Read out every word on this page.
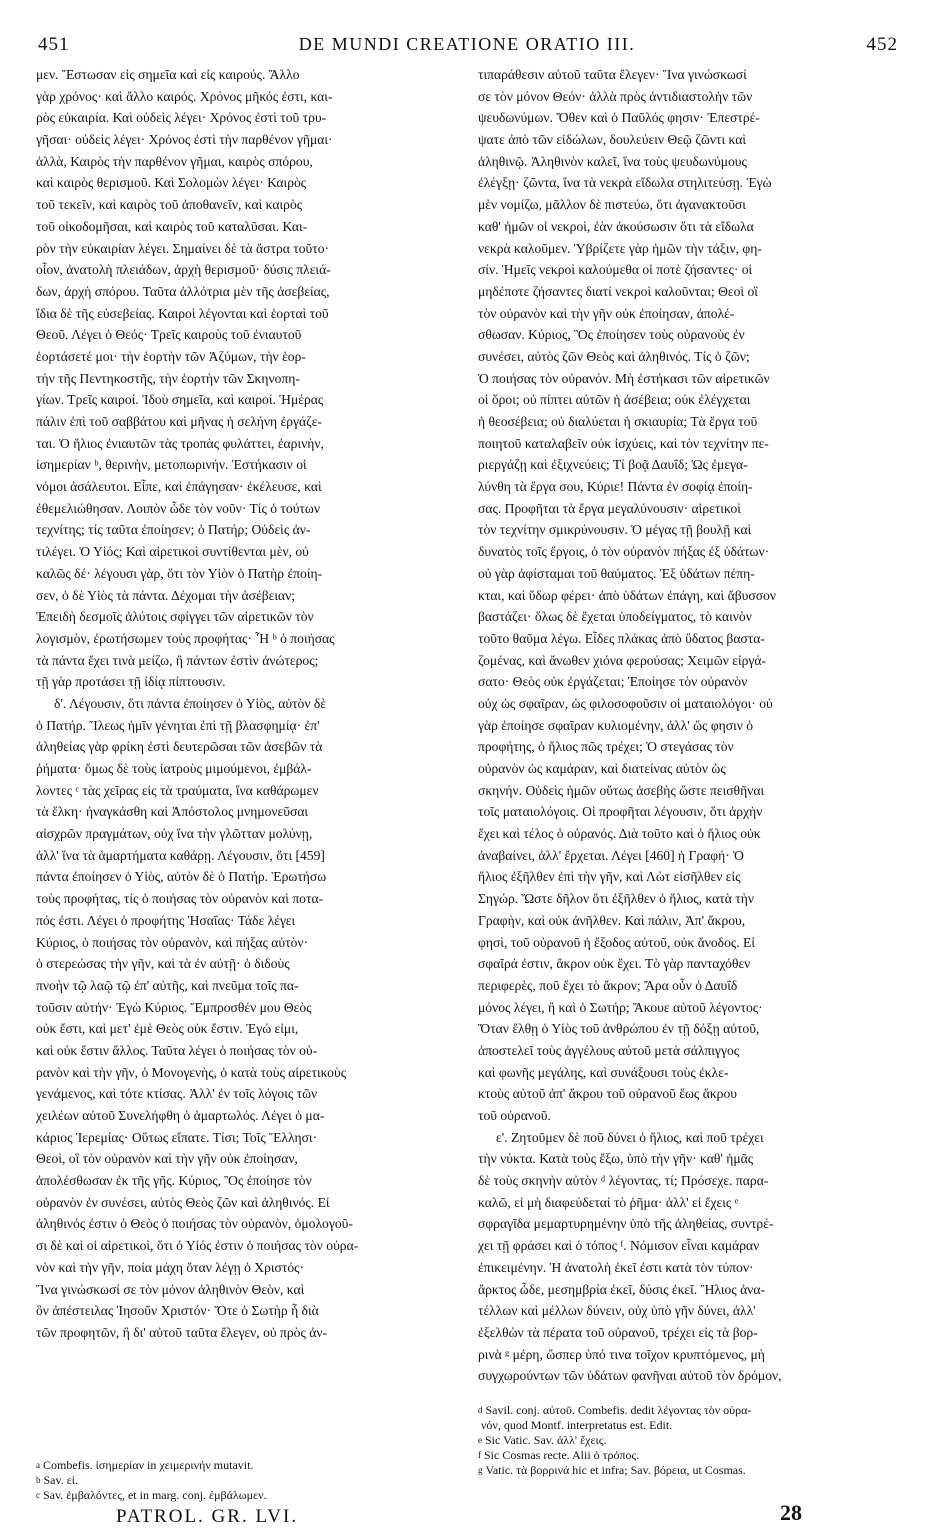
451	DE MUNDI CREATIONE ORATIO III.	452
μεν. Ἔστωσαν εἰς σημεῖα καὶ εἰς καιρούς. Ἄλλο
γὰρ χρόνος· καὶ ἄλλο καιρός. Χρόνος μῆκός ἐστι, και-
ρὸς εὐκαιρία. Καὶ οὐδεὶς λέγει· Χρόνος ἐστὶ τοῦ τρυ-
γῆσαι· οὐδεὶς λέγει· Χρόνος ἐστὶ τὴν παρθένον γῆμαι·
ἀλλὰ, Καιρὸς τὴν παρθένον γῆμαι, καιρὸς σπόρου,
καὶ καιρὸς θερισμοῦ. Καὶ Σολομὼν λέγει· Καιρὸς
τοῦ τεκεῖν, καὶ καιρὸς τοῦ ἀποθανεῖν, καὶ καιρὸς
τοῦ οἰκοδομῆσαι, καὶ καιρὸς τοῦ καταλῦσαι. Και-
ρὸν τὴν εὐκαιρίαν λέγει. Σημαίνει δὲ τὰ ἄστρα τοῦτο·
οἷον, ἀνατολὴ πλειάδων, ἀρχὴ θερισμοῦ· δύσις πλειά-
δων, ἀρχὴ σπόρου. Ταῦτα ἀλλότρια μὲν τῆς ἀσεβείας,
ἴδια δὲ τῆς εὐσεβείας. Καιροὶ λέγονται καὶ ἑορταὶ τοῦ
Θεοῦ. Λέγει ὁ Θεός· Τρεῖς καιροὺς τοῦ ἐνιαυτοῦ
ἑορτάσετέ μοι· τὴν ἑορτὴν τῶν Ἀζύμων, τὴν ἑορ-
τὴν τῆς Πεντηκοστῆς, τὴν ἑορτὴν τῶν Σκηνοπη-
γίων. Τρεῖς καιροί. Ἰδοὺ σημεῖα, καὶ καιροί. Ἡμέρας
πάλιν ἐπὶ τοῦ σαββάτου καὶ μῆνας ἡ σελήνη ἐργάζε-
ται. Ὁ ἥλιος ἐνιαυτῶν τὰς τροπὰς φυλάττει, ἐαρινὴν,
ἰσημερίαν ᵇ, θερινὴν, μετοπωρινήν. Ἑστήκασιν οἱ
νόμοι ἀσάλευτοι. Εἶπε, καὶ ἐπάγησαν· ἐκέλευσε, καὶ
ἐθεμελιώθησαν. Λοιπὸν ὧδε τὸν νοῦν· Τίς ὁ τούτων
τεχνίτης; τίς ταῦτα ἐποίησεν; ὁ Πατήρ; Οὐδεὶς ἀν-
τιλέγει. Ὁ Υἱός; Καὶ αἱρετικοὶ συντίθενται μὲν, οὐ
καλῶς δέ· λέγουσι γὰρ, ὅτι τὸν Υἱὸν ὁ Πατὴρ ἐποίη-
σεν, ὁ δὲ Υἱὸς τὰ πάντα. Δέχομαι τὴν ἀσέβειαν;
Ἐπειδὴ δεσμοῖς ἀλύτοις σφίγγει τῶν αἱρετικῶν τὸν
λογισμὸν, ἐρωτήσωμεν τοὺς προφήτας· Ἦ ᵇ ὁ ποιήσας
τὰ πάντα ἔχει τινὰ μείζω, ἢ πάντων ἐστὶν ἀνώτερος;
τῇ γὰρ προτάσει τῇ ἰδίᾳ πίπτουσιν.
δ'. Λέγουσιν, ὅτι πάντα ἐποίησεν ὁ Υἱὸς, αὐτὸν δὲ
ὁ Πατήρ. Ἵλεως ἡμῖν γένηται ἐπὶ τῇ βλασφημίᾳ· ἐπ'
ἀληθείας γὰρ φρίκη ἐστὶ δευτερῶσαι τῶν ἀσεβῶν τὰ
ῥήματα· ὅμως δὲ τοὺς ἰατροὺς μιμούμενοι, ἐμβάλ-
λοντες ᶜ τὰς χεῖρας εἰς τὰ τραύματα, ἵνα καθάρωμεν
τὰ ἕλκη· ἠναγκάσθη καὶ Ἀπόστολος μνημονεῦσαι
αἰσχρῶν πραγμάτων, οὐχ ἵνα τὴν γλῶτταν μολύνῃ,
ἀλλ' ἵνα τὰ ἁμαρτήματα καθάρῃ. Λέγουσιν, ὅτι [459]
πάντα ἐποίησεν ὁ Υἱὸς, αὐτὸν δὲ ὁ Πατήρ. Ἐρωτήσω
τοὺς προφήτας, τίς ὁ ποιήσας τὸν οὐρανὸν καὶ ποτα-
πός ἐστι. Λέγει ὁ προφήτης Ἡσαΐας· Τάδε λέγει
Κύριος, ὁ ποιήσας τὸν οὐρανὸν, καὶ πήξας αὐτὸν·
ὁ στερεώσας τὴν γῆν, καὶ τὰ ἐν αὐτῇ· ὁ διδοὺς
πνοὴν τῷ λαῷ τῷ ἐπ' αὐτῆς, καὶ πνεῦμα τοῖς πα-
τοῦσιν αὐτήν· Ἐγὼ Κύριος. Ἔμπροσθέν μου Θεὸς
οὐκ ἔστι, καὶ μετ' ἐμὲ Θεὸς οὐκ ἔστιν. Ἐγώ εἰμι,
καὶ οὐκ ἔστιν ἄλλος. Ταῦτα λέγει ὁ ποιήσας τὸν οὐ-
ρανὸν καὶ τὴν γῆν, ὁ Μονογενὴς, ὁ κατὰ τοὺς αἱρετικοὺς
γενάμενος, καὶ τότε κτίσας. Ἀλλ' ἐν τοῖς λόγοις τῶν
χειλέων αὐτοῦ Συνελήφθη ὁ ἁμαρτωλός. Λέγει ὁ μα-
κάριος Ἱερεμίας· Οὕτως εἴπατε. Τίσι; Τοῖς Ἕλλησι·
Θεοὶ, οἳ τὸν οὐρανὸν καὶ τὴν γῆν οὐκ ἐποίησαν,
ἀπολέσθωσαν ἐκ τῆς γῆς. Κύριος, Ὃς ἐποίησε τὸν
οὐρανὸν ἐν συνέσει, αὐτὸς Θεὸς ζῶν καὶ ἀληθινός. Εἰ
ἀληθινός ἐστιν ὁ Θεὸς ὁ ποιήσας τὸν οὐρανὸν, ὁμολογοῦ-
σι δὲ καὶ οἱ αἱρετικοὶ, ὅτι ὁ Υἱός ἐστιν ὁ ποιήσας τὸν οὐρα-
νὸν καὶ τὴν γῆν, ποία μάχη ὅταν λέγῃ ὁ Χριστός·
Ἵνα γινώσκωσί σε τὸν μόνον ἀληθινὸν Θεὸν, καὶ
ὃν ἀπέστειλας Ἰησοῦν Χριστόν· Ὅτε ὁ Σωτὴρ ἦ διὰ
τῶν προφητῶν, ἢ δι' αὐτοῦ ταῦτα ἔλεγεν, οὐ πρὸς ἀν-
τιπαράθεσιν αὐτοῦ ταῦτα ἔλεγεν· Ἵνα γινώσκωσί
σε τὸν μόνον Θεόν· ἀλλὰ πρὸς ἀντιδιαστολὴν τῶν
ψευδωνύμων. Ὅθεν καὶ ὁ Παῦλός φησιν· Ἐπεστρέ-
ψατε ἀπὸ τῶν εἰδώλων, δουλεύειν Θεῷ ζῶντι καὶ
ἀληθινῷ. Ἀληθινὸν καλεῖ, ἵνα τοὺς ψευδωνύμους
ἐλέγξῃ· ζῶντα, ἵνα τὰ νεκρὰ εἴδωλα στηλιτεύσῃ. Ἐγὼ
μὲν νομίζω, μᾶλλον δὲ πιστεύω, ὅτι ἀγανακτοῦσι
καθ' ἡμῶν οἱ νεκροὶ, ἐὰν ἀκούσωσιν ὅτι τὰ εἴδωλα
νεκρὰ καλοῦμεν. Ὑβρίζετε γὰρ ἡμῶν τὴν τάξιν, φη-
σίν. Ἡμεῖς νεκροὶ καλούμεθα οἱ ποτὲ ζήσαντες· οἱ
μηδέποτε ζήσαντες διατί νεκροὶ καλοῦνται; Θεοὶ οἳ
τὸν οὐρανὸν καὶ τὴν γῆν οὐκ ἐποίησαν, ἀπολέ-
σθωσαν. Κύριος, Ὃς ἐποίησεν τοὺς οὐρανοὺς ἐν
συνέσει, αὐτὸς ζῶν Θεὸς καὶ ἀληθινός. Τίς ὁ ζῶν;
Ὁ ποιήσας τὸν οὐρανόν. Μὴ ἐστήκασι τῶν αἱρετικῶν
οἱ ὅροι; οὐ πίπτει αὐτῶν ἡ ἀσέβεια; οὐκ ἐλέγχεται
ἡ θεοσέβεια; οὐ διαλύεται ἡ σκιαυρία; Τὰ ἔργα τοῦ
ποιητοῦ καταλαβεῖν οὐκ ἰσχύεις, καὶ τὸν τεχνίτην πε-
ριεργάζῃ καὶ ἐξιχνεύεις; Τί βοᾷ Δαυΐδ; Ὡς ἐμεγα-
λύνθη τὰ ἔργα σου, Κύριε! Πάντα ἐν σοφίᾳ ἐποίη-
σας. Προφῆται τὰ ἔργα μεγαλύνουσιν· αἱρετικοὶ
τὸν τεχνίτην σμικρύνουσιν. Ὁ μέγας τῇ βουλῇ καὶ
δυνατὸς τοῖς ἔργοις, ὁ τὸν οὐρανὸν πήξας ἐξ ὑδάτων·
οὐ γὰρ ἀφίσταμαι τοῦ θαύματος. Ἐξ ὑδάτων πέπη-
κται, καὶ ὕδωρ φέρει· ἀπὸ ὑδάτων ἐπάγη, καὶ ἄβυσσον
βαστάζει· ὅλως δὲ ἔχεται ὑποδείγματος, τὸ καινὸν
τοῦτο θαῦμα λέγω. Εἶδες πλάκας ἀπὸ ὕδατος βαστα-
ζομένας, καὶ ἄνωθεν χιόνα φερούσας; Χειμῶν εἰργά-
σατο· Θεὸς οὐκ ἐργάζεται; Ἐποίησε τὸν οὐρανὸν
οὐχ ὡς σφαῖραν, ὡς φιλοσοφοῦσιν οἱ ματαιολόγοι· οὐ
γὰρ ἐποίησε σφαῖραν κυλιομένην, ἀλλ' ὥς φησιν ὁ
προφήτης, ὁ ἥλιος πῶς τρέχει; Ὁ στεγάσας τὸν
οὐρανὸν ὡς καμάραν, καὶ διατείνας αὐτὸν ὡς
σκηνήν. Οὐδεὶς ἡμῶν οὕτως ἀσεβὴς ὥστε πεισθῆναι
τοῖς ματαιολόγοις. Οἱ προφῆται λέγουσιν, ὅτι ἀρχὴν
ἔχει καὶ τέλος ὁ οὐρανός. Διὰ τοῦτο καὶ ὁ ἥλιος οὐκ
ἀναβαίνει, ἀλλ' ἔρχεται. Λέγει [460] ἡ Γραφή· Ὁ
ἥλιος ἐξῆλθεν ἐπὶ τὴν γῆν, καὶ Λὼτ εἰσῆλθεν εἰς
Σηγώρ. Ὥστε δῆλον ὅτι ἐξῆλθεν ὁ ἥλιος, κατὰ τὴν
Γραφὴν, καὶ οὐκ ἀνῆλθεν. Καὶ πάλιν, Ἀπ' ἄκρου,
φησὶ, τοῦ οὐρανοῦ ἡ ἔξοδος αὐτοῦ, οὐκ ἄνοδος. Εἰ
σφαῖρά ἐστιν, ἄκρον οὐκ ἔχει. Τὸ γὰρ πανταχόθεν
περιφερὲς, ποῦ ἔχει τὸ ἄκρον; Ἄρα οὖν ὁ Δαυΐδ
μόνος λέγει, ἢ καὶ ὁ Σωτήρ; Ἄκουε αὐτοῦ λέγοντος·
Ὅταν ἔλθῃ ὁ Υἱὸς τοῦ ἀνθρώπου ἐν τῇ δόξῃ αὐτοῦ,
ἀποστελεῖ τοὺς ἀγγέλους αὐτοῦ μετὰ σάλπιγγος
καὶ φωνῆς μεγάλης, καὶ συνάξουσι τοὺς ἐκλε-
κτοὺς αὐτοῦ ἀπ' ἄκρου τοῦ οὐρανοῦ ἕως ἄκρου
τοῦ οὐρανοῦ.
ε'. Ζητοῦμεν δὲ ποῦ δύνει ὁ ἥλιος, καὶ ποῦ τρέχει
τὴν νύκτα. Κατὰ τοὺς ἔξω, ὑπὸ τὴν γῆν· καθ' ἡμᾶς
δὲ τοὺς σκηνὴν αὐτὸν ᵈ λέγοντας, τί; Πρόσεχε. παρα-
καλῶ, εἰ μὴ διαφεύδεταί τὸ ῥῆμα· ἀλλ' εἰ ἔχεις ᵉ
σφραγῖδα μεμαρτυρημένην ὑπὸ τῆς ἀληθείας, συντρέ-
χει τῇ φράσει καὶ ὁ τόπος ᶠ. Νόμισον εἶναι καμάραν
ἐπικειμένην. Ἡ ἀνατολὴ ἐκεῖ ἐστι κατὰ τὸν τύπον·
ἄρκτος ὧδε, μεσημβρία ἐκεῖ, δύσις ἐκεῖ. Ἥλιος ἀνα-
τέλλων καὶ μέλλων δύνειν, οὐχ ὑπὸ γῆν δύνει, ἀλλ'
ἐξελθὼν τὰ πέρατα τοῦ οὐρανοῦ, τρέχει εἰς τὰ βορ-
ρινὰ ᵍ μέρη, ὥσπερ ὑπό τινα τοῖχον κρυπτόμενος, μὴ
συγχωρούντων τῶν ὑδάτων φανῆναι αὐτοῦ τὸν δρόμον,
$^a$ Combefis. ἰσημερίαν in χειμερινήν mutavit.
$^b$ Sav. εἰ.
$^c$ Sav. ἐμβαλόντες, et in marg. conj. ἐμβάλωμεν.
$^d$ Savil. conj. αὐτοῦ. Combefis. dedit λέγοντας τὸν οὐρα-
νόν, quod Montf. interpretatus est. Edit.
$^e$ Sic Vatic. Sav. ἀλλ' ἔχεις.
$^f$ Sic Cosmas recte. Alii ὁ τρόπος.
$^g$ Vatic. τὰ βορρινά hic et infra; Sav. βόρεια, ut Cosmas.
PATROL. GR. LVI.	28
